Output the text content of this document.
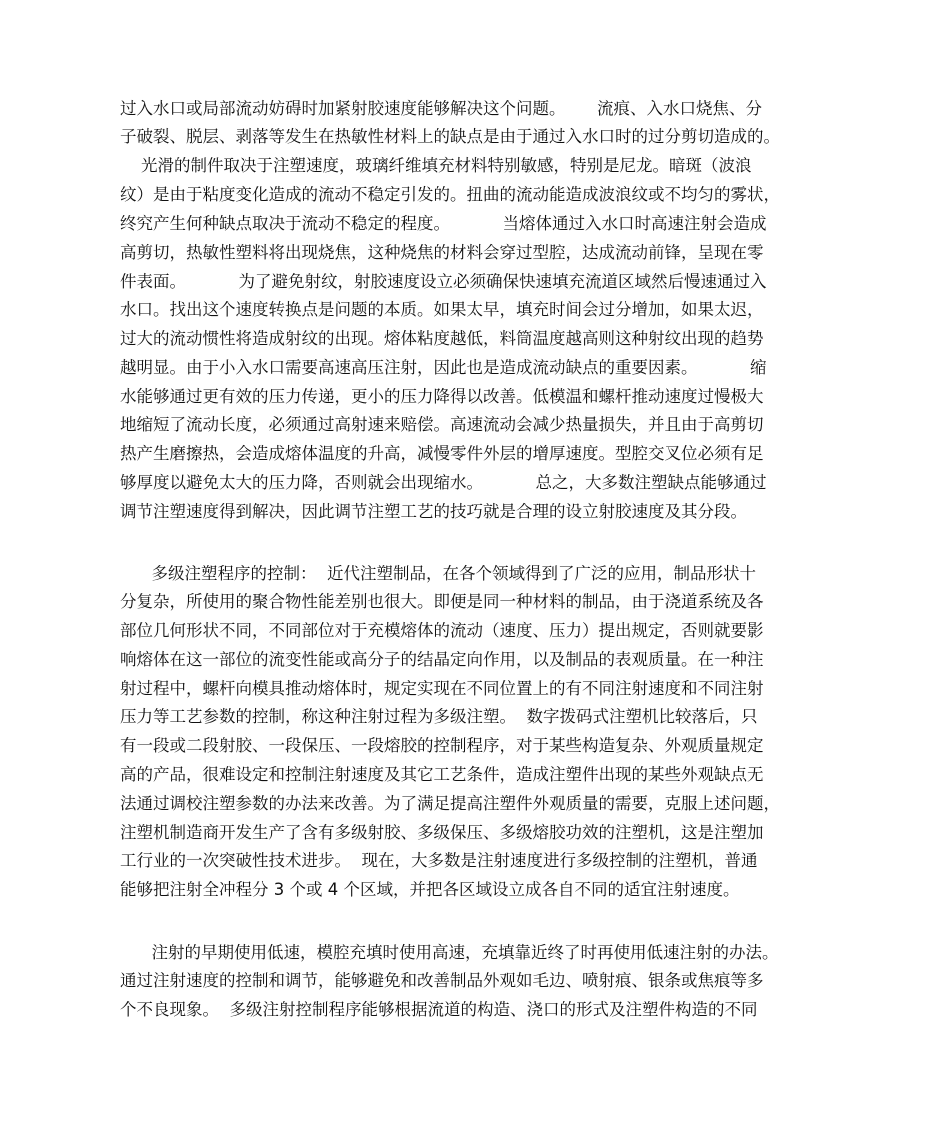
过入水口或局部流动妨碍时加紧射胶速度能够解决这个问题。      流痕、入水口烧焦、分
子破裂、脱层、剥落等发生在热敏性材料上的缺点是由于通过入水口时的过分剪切造成的。
光滑的制件取决于注塑速度，玻璃纤维填充材料特别敏感，特别是尼龙。暗斑（波浪
纹）是由于粘度变化造成的流动不稳定引发的。扭曲的流动能造成波浪纹或不均匀的雾状，
终究产生何种缺点取决于流动不稳定的程度。          当熔体通过入水口时高速注射会造成
高剪切，热敏性塑料将出现烧焦，这种烧焦的材料会穿过型腔，达成流动前锋，呈现在零
件表面。          为了避免射纹，射胶速度设立必须确保快速填充流道区域然后慢速通过入
水口。找出这个速度转换点是问题的本质。如果太早，填充时间会过分增加，如果太迟，
过大的流动惯性将造成射纹的出现。熔体粘度越低，料筒温度越高则这种射纹出现的趋势
越明显。由于小入水口需要高速高压注射，因此也是造成流动缺点的重要因素。          缩
水能够通过更有效的压力传递，更小的压力降得以改善。低模温和螺杆推动速度过慢极大
地缩短了流动长度，必须通过高射速来赔偿。高速流动会减少热量损失，并且由于高剪切
热产生磨擦热，会造成熔体温度的升高，减慢零件外层的增厚速度。型腔交叉位必须有足
够厚度以避免太大的压力降，否则就会出现缩水。          总之，大多数注塑缺点能够通过
调节注塑速度得到解决，因此调节注塑工艺的技巧就是合理的设立射胶速度及其分段。
多级注塑程序的控制：  近代注塑制品，在各个领域得到了广泛的应用，制品形状十
分复杂，所使用的聚合物性能差别也很大。即便是同一种材料的制品，由于浇道系统及各
部位几何形状不同，不同部位对于充模熔体的流动（速度、压力）提出规定，否则就要影
响熔体在这一部位的流变性能或高分子的结晶定向作用，以及制品的表观质量。在一种注
射过程中，螺杆向模具推动熔体时，规定实现在不同位置上的有不同注射速度和不同注射
压力等工艺参数的控制，称这种注射过程为多级注塑。  数字拨码式注塑机比较落后，只
有一段或二段射胶、一段保压、一段熔胶的控制程序，对于某些构造复杂、外观质量规定
高的产品，很难设定和控制注射速度及其它工艺条件，造成注塑件出现的某些外观缺点无
法通过调校注塑参数的办法来改善。为了满足提高注塑件外观质量的需要，克服上述问题，
注塑机制造商开发生产了含有多级射胶、多级保压、多级熔胶功效的注塑机，这是注塑加
工行业的一次突破性技术进步。  现在，大多数是注射速度进行多级控制的注塑机，普通
能够把注射全冲程分 3 个或 4 个区域，并把各区域设立成各自不同的适宜注射速度。
注射的早期使用低速，模腔充填时使用高速，充填靠近终了时再使用低速注射的办法。
通过注射速度的控制和调节，能够避免和改善制品外观如毛边、喷射痕、银条或焦痕等多
个不良现象。  多级注射控制程序能够根据流道的构造、浇口的形式及注塑件构造的不同
